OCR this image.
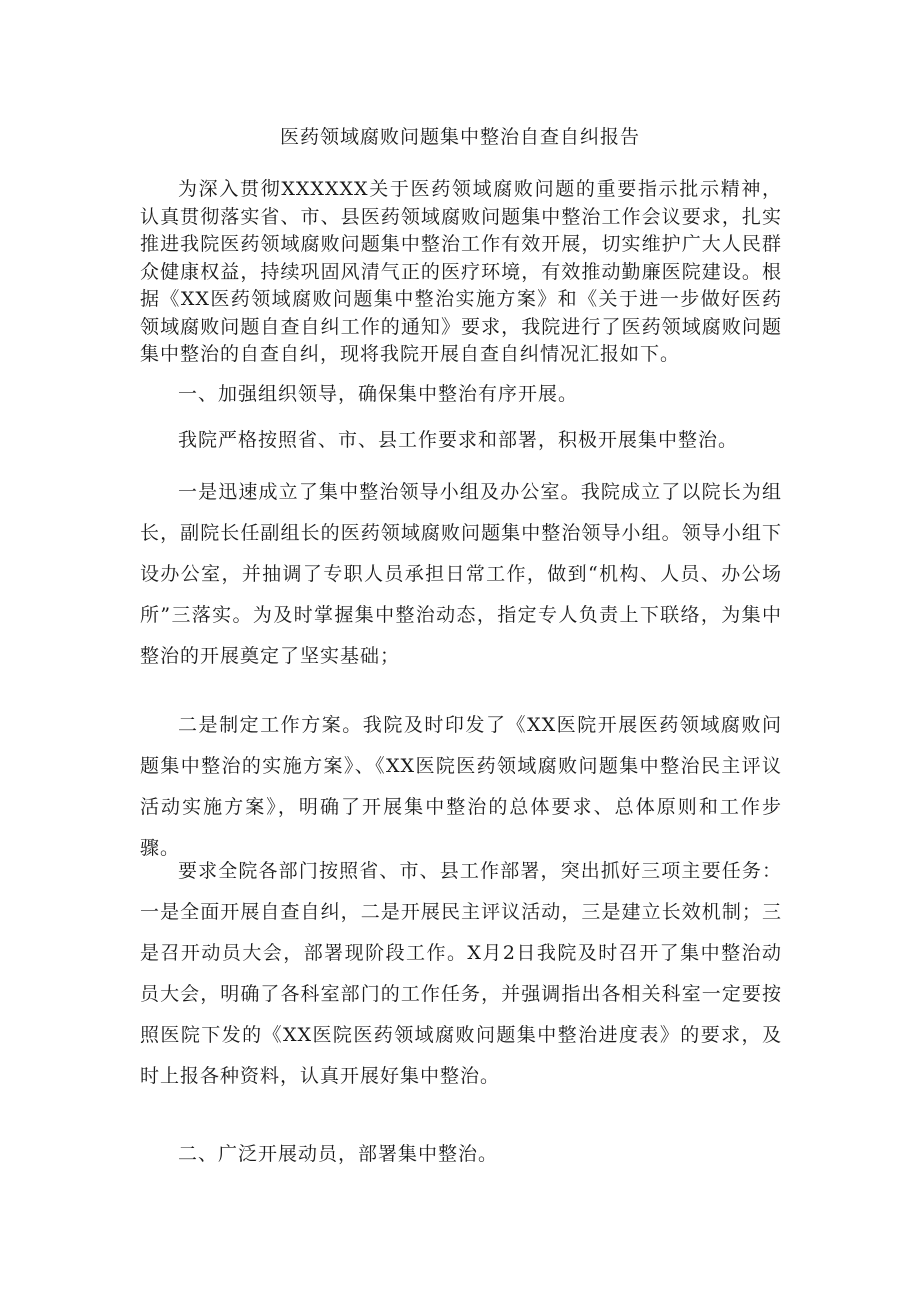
医药领域腐败问题集中整治自查自纠报告

为深入贯彻XXXXXX关于医药领域腐败问题的重要指示批示精神，认真贯彻落实省、市、县医药领域腐败问题集中整治工作会议要求，扎实推进我院医药领域腐败问题集中整治工作有效开展，切实维护广大人民群众健康权益，持续巩固风清气正的医疗环境，有效推动勤廉医院建设。根据《XX医药领域腐败问题集中整治实施方案》和《关于进一步做好医药领域腐败问题自查自纠工作的通知》要求，我院进行了医药领域腐败问题集中整治的自查自纠，现将我院开展自查自纠情况汇报如下。

一、加强组织领导，确保集中整治有序开展。

我院严格按照省、市、县工作要求和部署，积极开展集中整治。

一是迅速成立了集中整治领导小组及办公室。我院成立了以院长为组长，副院长任副组长的医药领域腐败问题集中整治领导小组。领导小组下设办公室，并抽调了专职人员承担日常工作，做到“机构、人员、办公场所”三落实。为及时掌握集中整治动态，指定专人负责上下联络，为集中整治的开展奠定了坚实基础；

二是制定工作方案。我院及时印发了《XX医院开展医药领域腐败问题集中整治的实施方案》、《XX医院医药领域腐败问题集中整治民主评议活动实施方案》，明确了开展集中整治的总体要求、总体原则和工作步骤。

要求全院各部门按照省、市、县工作部署，突出抓好三项主要任务：一是全面开展自查自纠，二是开展民主评议活动，三是建立长效机制；三是召开动员大会，部署现阶段工作。X月2日我院及时召开了集中整治动员大会，明确了各科室部门的工作任务，并强调指出各相关科室一定要按照医院下发的《XX医院医药领域腐败问题集中整治进度表》的要求，及时上报各种资料，认真开展好集中整治。

二、广泛开展动员，部署集中整治。
